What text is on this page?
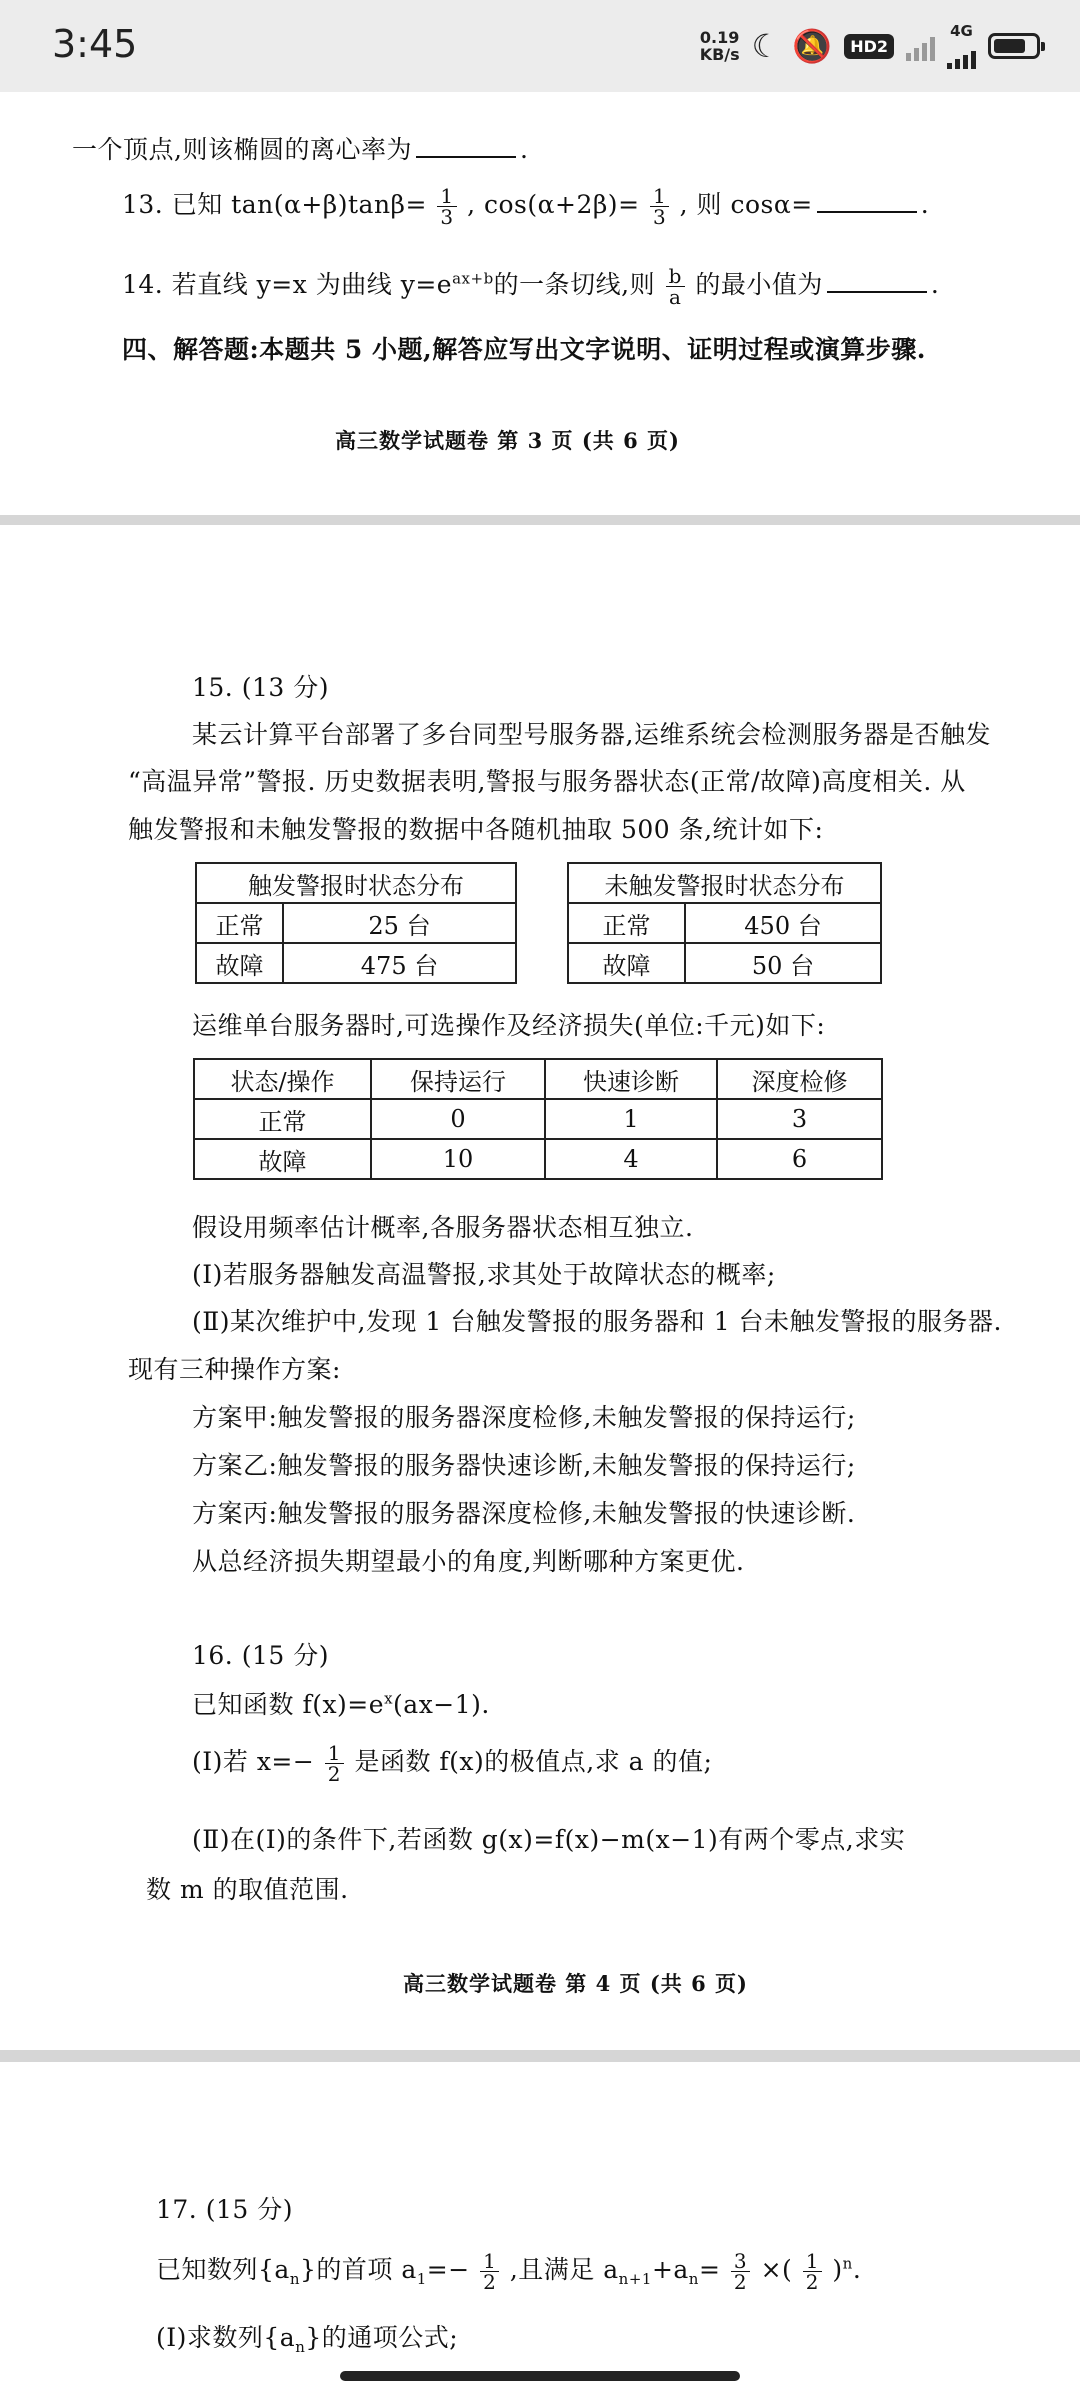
3:45	0.19
KB/s ☾ 🔕	HD2
4G
一个顶点,则该椭圆的离心率为	.
13. 已知 $\tan(\alpha+\beta)\tan\beta= \frac{1}{3}$ , $\cos(\alpha+2\beta)= \frac{1}{3}$ , 则 cosα=	.
14. 若直线 y=x 为曲线 $y=e^{ax+b}$的一条切线,则 $\frac{b}{a}$ 的最小值为	.
四、解答题:本题共 5 小题,解答应写出文字说明、证明过程或演算步骤.
高三数学试题卷 第 3 页 (共 6 页)
15. (13 分)
某云计算平台部署了多台同型号服务器,运维系统会检测服务器是否触发
“高温异常”警报. 历史数据表明,警报与服务器状态(正常/故障)高度相关. 从
触发警报和未触发警报的数据中各随机抽取 500 条,统计如下:
触发警报时状态分布	
正常	25 台
故障	475 台
未触发警报时状态分布	
正常	450 台
故障	50 台
运维单台服务器时,可选操作及经济损失(单位:千元)如下:
状态/操作	保持运行	快速诊断	深度检修
正常	0	1	3
故障	10	4	6
假设用频率估计概率,各服务器状态相互独立.
(Ⅰ)若服务器触发高温警报,求其处于故障状态的概率;
(Ⅱ)某次维护中,发现 1 台触发警报的服务器和 1 台未触发警报的服务器.
现有三种操作方案:
方案甲:触发警报的服务器深度检修,未触发警报的保持运行;
方案乙:触发警报的服务器快速诊断,未触发警报的保持运行;
方案丙:触发警报的服务器深度检修,未触发警报的快速诊断.
从总经济损失期望最小的角度,判断哪种方案更优.
16. (15 分)
已知函数 $f(x)=e^x(ax-1)$.
(Ⅰ)若 $x=- \frac{1}{2}$ 是函数 f(x)的极值点,求 a 的值;
(Ⅱ)在(Ⅰ)的条件下,若函数 g(x)=f(x)−m(x−1)有两个零点,求实
数 m 的取值范围.
高三数学试题卷 第 4 页 (共 6 页)
17. (15 分)
已知数列$\{a_n\}$的首项 $a_1=- \frac{1}{2}$ ,且满足 $a_{n+1}+a_n= \frac{3}{2}$ ×( $\frac{1}{2} )^n$.
(Ⅰ)求数列$\{a_n\}$的通项公式;
